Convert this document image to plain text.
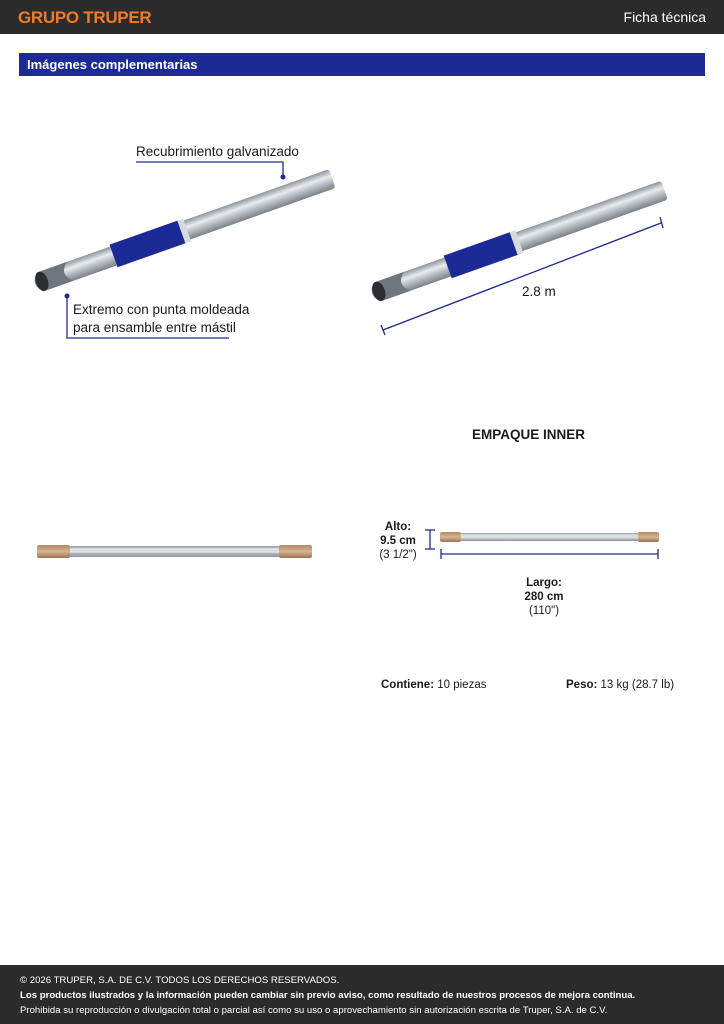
GRUPO TRUPER	Ficha técnica
Imágenes complementarias
Recubrimiento galvanizado
Extremo con punta moldeada
para ensamble entre mástil
2.8 m
EMPAQUE INNER
Alto:
9.5 cm
(3 1/2")
Largo:
280 cm
(110")
Contiene: 10 piezas	Peso: 13 kg (28.7 lb)
© 2026 TRUPER, S.A. DE C.V. TODOS LOS DERECHOS RESERVADOS.
Los productos ilustrados y la información pueden cambiar sin previo aviso, como resultado de nuestros procesos de mejora continua.
Prohibida su reproducción o divulgación total o parcial así como su uso o aprovechamiento sin autorización escrita de Truper, S.A. de C.V.
